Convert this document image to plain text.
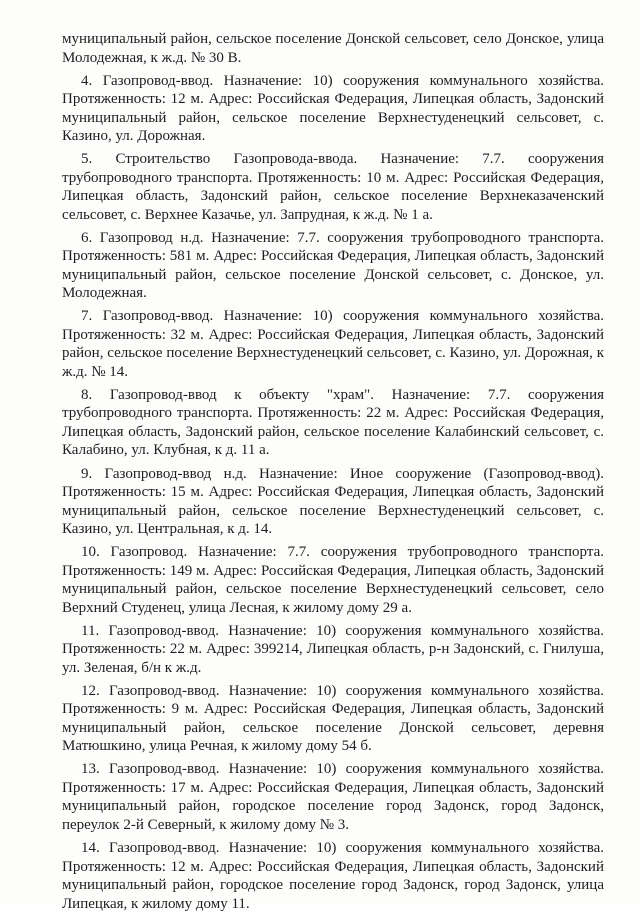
муниципальный район, сельское поселение Донской сельсовет, село Донское, улица Молодежная, к ж.д. № 30 В.

4. Газопровод-ввод. Назначение: 10) сооружения коммунального хозяйства. Протяженность: 12 м. Адрес: Российская Федерация, Липецкая область, Задонский муниципальный район, сельское поселение Верхнестуденецкий сельсовет, с. Казино, ул. Дорожная.

5. Строительство Газопровода-ввода. Назначение: 7.7. сооружения трубопроводного транспорта. Протяженность: 10 м. Адрес: Российская Федерация, Липецкая область, Задонский район, сельское поселение Верхнеказаченский сельсовет, с. Верхнее Казачье, ул. Запрудная, к ж.д. № 1 а.

6. Газопровод н.д. Назначение: 7.7. сооружения трубопроводного транспорта. Протяженность: 581 м. Адрес: Российская Федерация, Липецкая область, Задонский муниципальный район, сельское поселение Донской сельсовет, с. Донское, ул. Молодежная.

7. Газопровод-ввод. Назначение: 10) сооружения коммунального хозяйства. Протяженность: 32 м. Адрес: Российская Федерация, Липецкая область, Задонский район, сельское поселение Верхнестуденецкий сельсовет, с. Казино, ул. Дорожная, к ж.д. № 14.

8. Газопровод-ввод к объекту "храм". Назначение: 7.7. сооружения трубопроводного транспорта. Протяженность: 22 м. Адрес: Российская Федерация, Липецкая область, Задонский район, сельское поселение Калабинский сельсовет, с. Калабино, ул. Клубная, к д. 11 а.

9. Газопровод-ввод н.д. Назначение: Иное сооружение (Газопровод-ввод). Протяженность: 15 м. Адрес: Российская Федерация, Липецкая область, Задонский муниципальный район, сельское поселение Верхнестуденецкий сельсовет, с. Казино, ул. Центральная, к д. 14.

10. Газопровод. Назначение: 7.7. сооружения трубопроводного транспорта. Протяженность: 149 м. Адрес: Российская Федерация, Липецкая область, Задонский муниципальный район, сельское поселение Верхнестуденецкий сельсовет, село Верхний Студенец, улица Лесная, к жилому дому 29 а.

11. Газопровод-ввод. Назначение: 10) сооружения коммунального хозяйства. Протяженность: 22 м. Адрес: 399214, Липецкая область, р-н Задонский, с. Гнилуша, ул. Зеленая, б/н к ж.д.

12. Газопровод-ввод. Назначение: 10) сооружения коммунального хозяйства. Протяженность: 9 м. Адрес: Российская Федерация, Липецкая область, Задонский муниципальный район, сельское поселение Донской сельсовет, деревня Матюшкино, улица Речная, к жилому дому 54 б.

13. Газопровод-ввод. Назначение: 10) сооружения коммунального хозяйства. Протяженность: 17 м. Адрес: Российская Федерация, Липецкая область, Задонский муниципальный район, городское поселение город Задонск, город Задонск, переулок 2-й Северный, к жилому дому № 3.

14. Газопровод-ввод. Назначение: 10) сооружения коммунального хозяйства. Протяженность: 12 м. Адрес: Российская Федерация, Липецкая область, Задонский муниципальный район, городское поселение город Задонск, город Задонск, улица Липецкая, к жилому дому 11.
